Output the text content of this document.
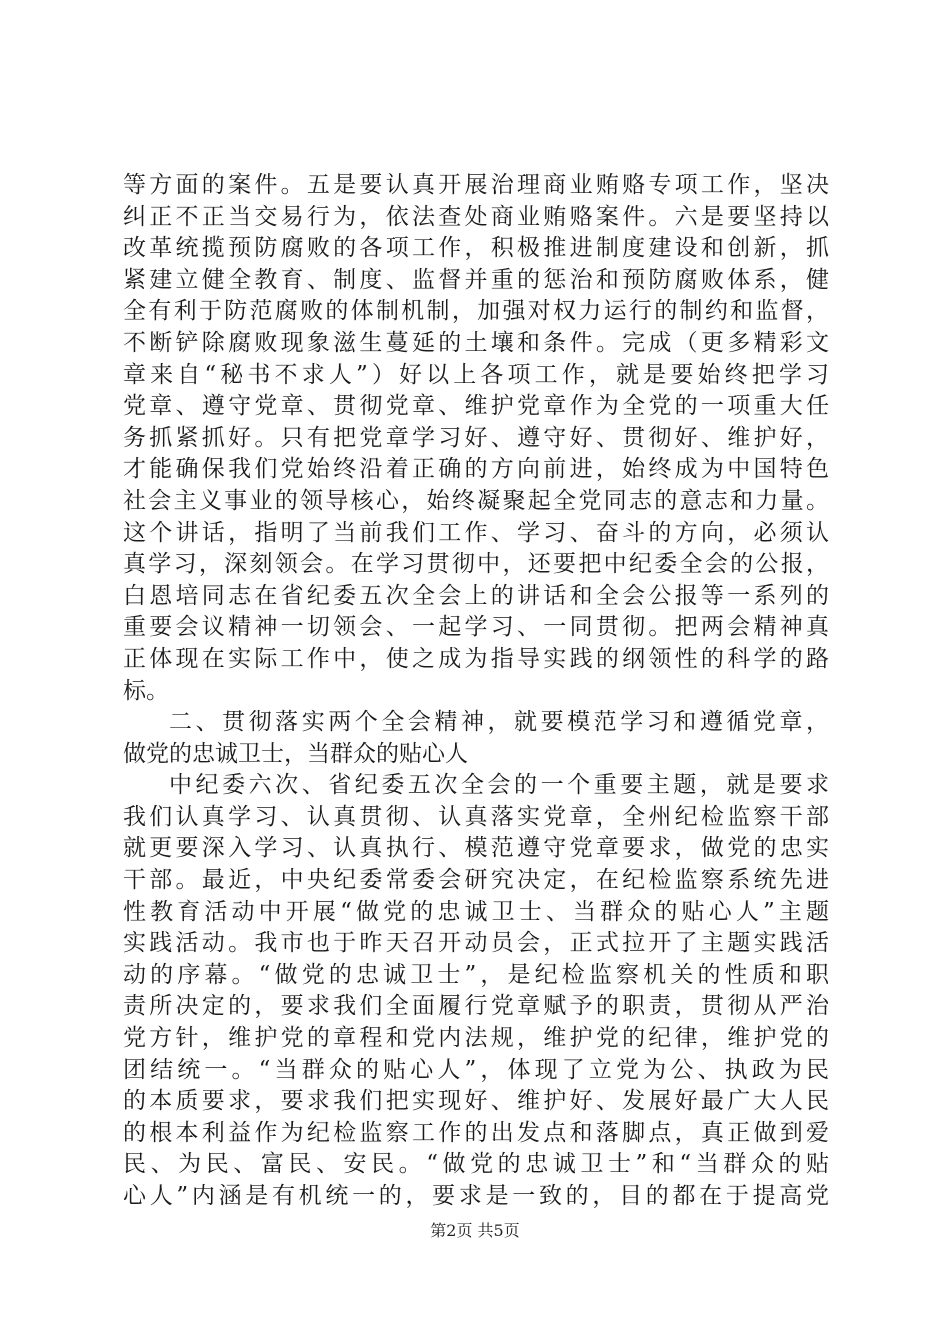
等方面的案件。五是要认真开展治理商业贿赂专项工作，坚决
纠正不正当交易行为，依法查处商业贿赂案件。六是要坚持以
改革统揽预防腐败的各项工作，积极推进制度建设和创新，抓
紧建立健全教育、制度、监督并重的惩治和预防腐败体系，健
全有利于防范腐败的体制机制，加强对权力运行的制约和监督，
不断铲除腐败现象滋生蔓延的土壤和条件。完成（更多精彩文
章来自“秘书不求人”）好以上各项工作，就是要始终把学习
党章、遵守党章、贯彻党章、维护党章作为全党的一项重大任
务抓紧抓好。只有把党章学习好、遵守好、贯彻好、维护好，
才能确保我们党始终沿着正确的方向前进，始终成为中国特色
社会主义事业的领导核心，始终凝聚起全党同志的意志和力量。
这个讲话，指明了当前我们工作、学习、奋斗的方向，必须认
真学习，深刻领会。在学习贯彻中，还要把中纪委全会的公报，
白恩培同志在省纪委五次全会上的讲话和全会公报等一系列的
重要会议精神一切领会、一起学习、一同贯彻。把两会精神真
正体现在实际工作中，使之成为指导实践的纲领性的科学的路
标。
二、贯彻落实两个全会精神，就要模范学习和遵循党章，
做党的忠诚卫士，当群众的贴心人
中纪委六次、省纪委五次全会的一个重要主题，就是要求
我们认真学习、认真贯彻、认真落实党章，全州纪检监察干部
就更要深入学习、认真执行、模范遵守党章要求，做党的忠实
干部。最近，中央纪委常委会研究决定，在纪检监察系统先进
性教育活动中开展“做党的忠诚卫士、当群众的贴心人”主题
实践活动。我市也于昨天召开动员会，正式拉开了主题实践活
动的序幕。“做党的忠诚卫士”，是纪检监察机关的性质和职
责所决定的，要求我们全面履行党章赋予的职责，贯彻从严治
党方针，维护党的章程和党内法规，维护党的纪律，维护党的
团结统一。“当群众的贴心人”，体现了立党为公、执政为民
的本质要求，要求我们把实现好、维护好、发展好最广大人民
的根本利益作为纪检监察工作的出发点和落脚点，真正做到爱
民、为民、富民、安民。“做党的忠诚卫士”和“当群众的贴
心人”内涵是有机统一的，要求是一致的，目的都在于提高党
第2页 共5页
